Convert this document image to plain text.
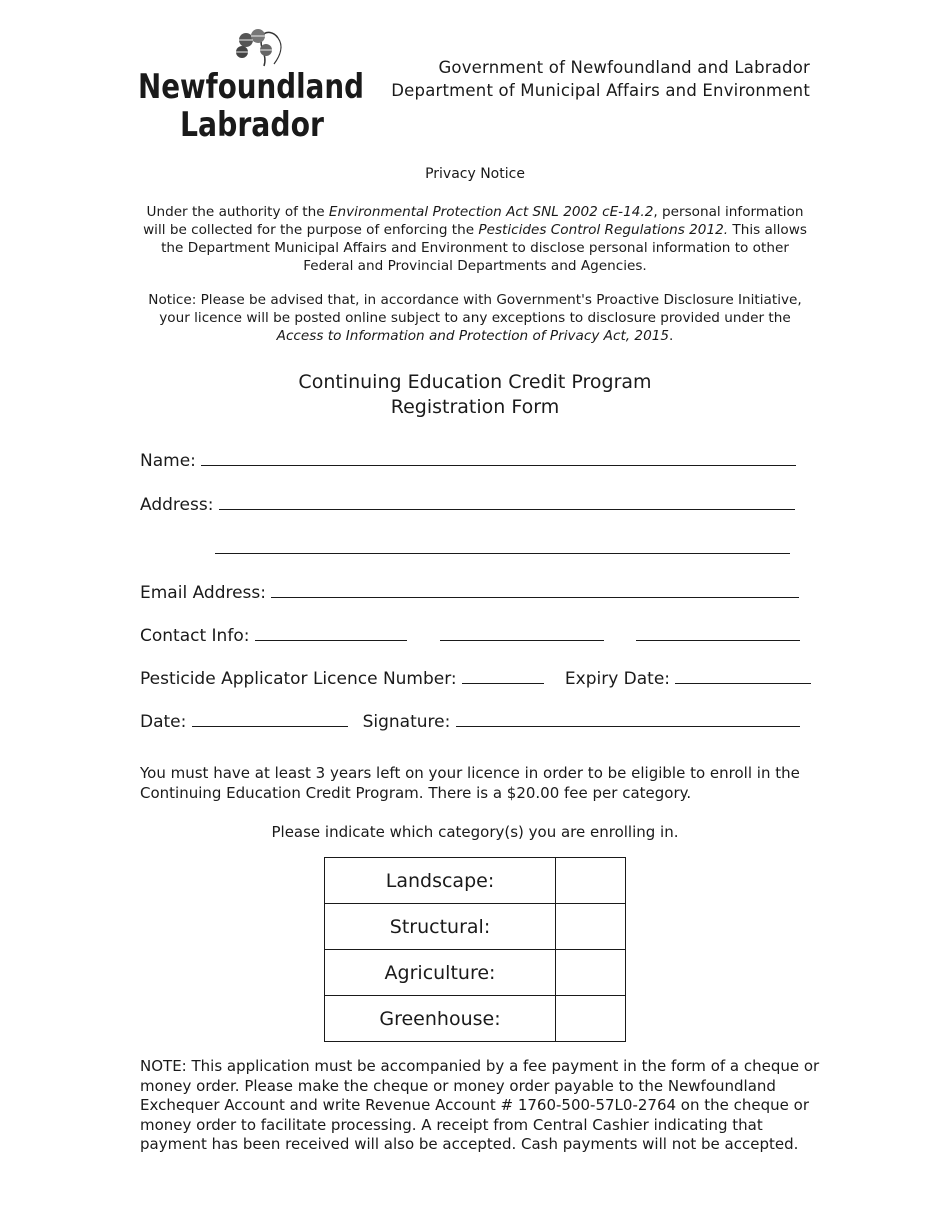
Newfoundland
Labrador
Government of Newfoundland and Labrador
Department of Municipal Affairs and Environment
Privacy Notice
Under the authority of the Environmental Protection Act SNL 2002 cE-14.2, personal information will be collected for the purpose of enforcing the Pesticides Control Regulations 2012. This allows the Department Municipal Affairs and Environment to disclose personal information to other Federal and Provincial Departments and Agencies.
Notice: Please be advised that, in accordance with Government's Proactive Disclosure Initiative, your licence will be posted online subject to any exceptions to disclosure provided under the Access to Information and Protection of Privacy Act, 2015.
Continuing Education Credit Program
Registration Form
Name:
Address:
Email Address:
Contact Info:
Pesticide Applicator Licence Number:	Expiry Date:
Date:	Signature:
You must have at least 3 years left on your licence in order to be eligible to enroll in the Continuing Education Credit Program. There is a $20.00 fee per category.
Please indicate which category(s) you are enrolling in.
Landscape:	
Structural:	
Agriculture:	
Greenhouse:	
NOTE: This application must be accompanied by a fee payment in the form of a cheque or money order. Please make the cheque or money order payable to the Newfoundland Exchequer Account and write Revenue Account # 1760-500-57L0-2764 on the cheque or money order to facilitate processing. A receipt from Central Cashier indicating that payment has been received will also be accepted. Cash payments will not be accepted.
